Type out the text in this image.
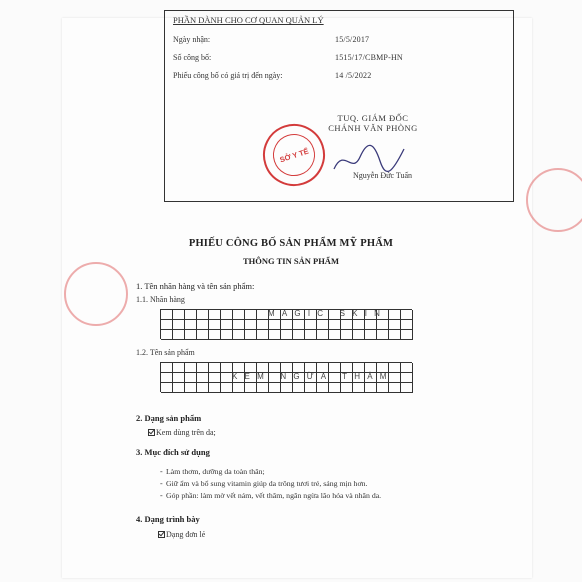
PHẦN DÀNH CHO CƠ QUAN QUẢN LÝ
Ngày nhận:	15/5/2017
Số công bố:	1515/17/CBMP-HN
Phiếu công bố có giá trị đến ngày:	14 /5/2022
TUQ. GIÁM ĐỐC
CHÁNH VĂN PHÒNG
SỞ Y TẾ
Nguyễn Đức Tuấn
PHIẾU CÔNG BỐ SẢN PHẨM MỸ PHẨM
THÔNG TIN SẢN PHẨM
1. Tên nhãn hàng và tên sản phẩm:
1.1. Nhãn hàng
MAGIC SKIN
1.2. Tên sản phẩm
KEM NGỪA THÂM
2. Dạng sản phẩm
Kem dùng trên da;
3. Mục đích sử dụng
- Làm thơm, dưỡng da toàn thân;
- Giữ ẩm và bổ sung vitamin giúp da trông tươi trẻ, sáng mịn hơn.
- Góp phần: làm mờ vết nám, vết thâm, ngăn ngừa lão hóa và nhăn da.
4. Dạng trình bày
Dạng đơn lẻ
